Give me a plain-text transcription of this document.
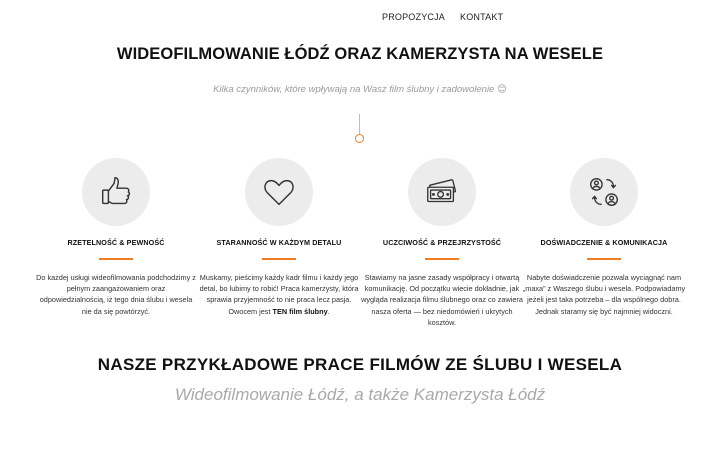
PROPOZYCJA KONTAKT
WIDEOFILMOWANIE ŁÓDŹ ORAZ KAMERZYSTA NA WESELE

Kilka czynników, które wpływają na Wasz film ślubny i zadowolenie 😊

RZETELNOŚĆ & PEWNOŚĆ
Do każdej usługi wideofilmowania podchodzimy z pełnym zaangażowaniem oraz odpowiedzialnością, iż tego dnia ślubu i wesela nie da się powtórzyć.
STARANNOŚĆ W KAŻDYM DETALU
Muskamy, pieścimy każdy kadr filmu i każdy jego detal, bo lubimy to robić! Praca kamerzysty, która sprawia przyjemność to nie praca lecz pasja. Owocem jest TEN film ślubny.
UCZCIWOŚĆ & PRZEJRZYSTOŚĆ
Stawiamy na jasne zasady współpracy i otwartą komunikację. Od początku wiecie dokładnie, jak wygląda realizacja filmu ślubnego oraz co zawiera nasza oferta — bez niedomówień i ukrytych kosztów.
DOŚWIADCZENIE & KOMUNIKACJA
Nabyte doświadczenie pozwala wyciągnąć nam „maxa” z Waszego ślubu i wesela. Podpowiadamy jeżeli jest taka potrzeba – dla wspólnego dobra. Jednak staramy się być najmniej widoczni.
NASZE PRZYKŁADOWE PRACE FILMÓW ZE ŚLUBU I WESELA

Wideofilmowanie Łódź, a także Kamerzysta Łódź
